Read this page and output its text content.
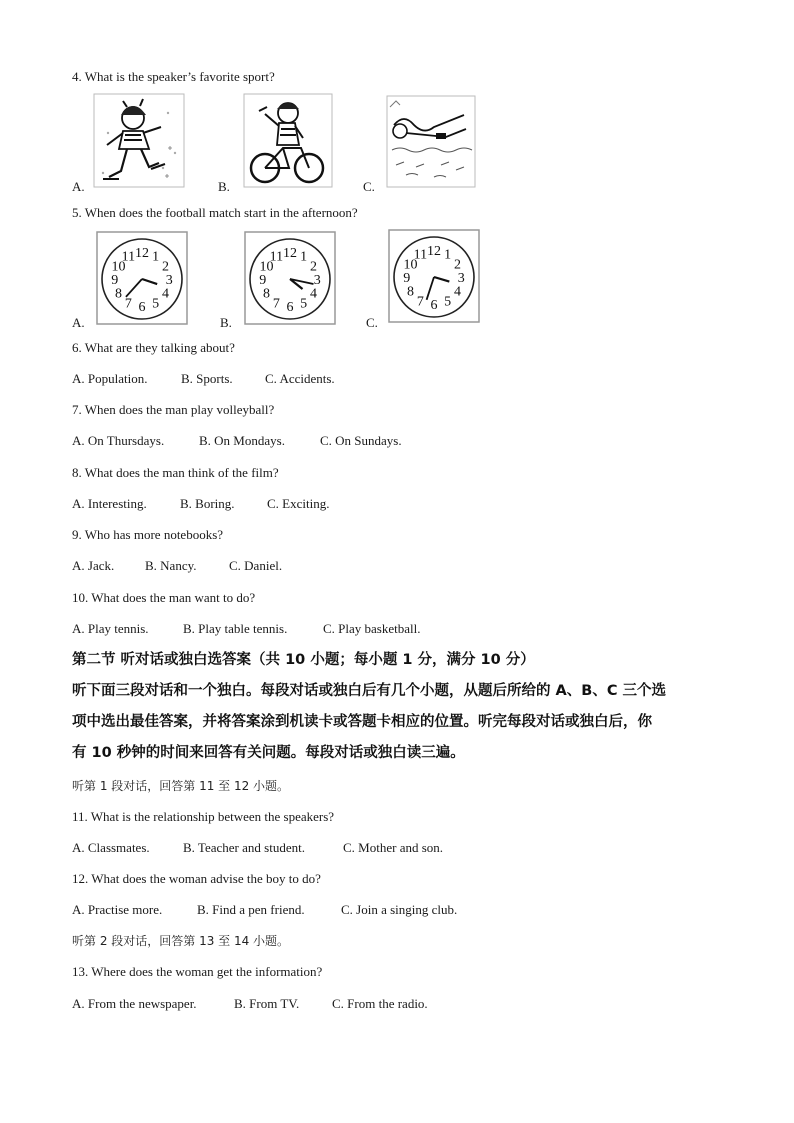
4. What is the speaker’s favorite sport?
A.	B.	C.
5. When does the football match start in the afternoon?
A.
12 1
2
3
4
5
6
7
8
9
10
11
B.
12 1
2
3
4
5
6
7
8
9
10
11
C.
12 1
2
3
4
5
6
7
8
9
10
11
6. What are they talking about?
A. Population.	B. Sports. C. Accidents.
7. When does the man play volleyball?
A. On Thursdays.	B. On Mondays.	C. On Sundays.
8. What does the man think of the film?
A. Interesting.	B. Boring. C. Exciting.
9. Who has more notebooks?
A. Jack. B. Nancy. C. Daniel.
10. What does the man want to do?
A. Play tennis.	B. Play table tennis.	C. Play basketball.
第二节 听对话或独白选答案（共 10 小题；每小题 1 分，满分 10 分）
听下面三段对话和一个独白。每段对话或独白后有几个小题，从题后所给的 A、B、C 三个选
项中选出最佳答案，并将答案涂到机读卡或答题卡相应的位置。听完每段对话或独白后，你
有 10 秒钟的时间来回答有关问题。每段对话或独白读三遍。
听第 1 段对话，回答第 11 至 12 小题。
11. What is the relationship between the speakers?
A. Classmates.	B. Teacher and student.	C. Mother and son.
12. What does the woman advise the boy to do?
A. Practise more.	B. Find a pen friend.	C. Join a singing club.
听第 2 段对话，回答第 13 至 14 小题。
13. Where does the woman get the information?
A. From the newspaper.	B. From TV.	C. From the radio.
